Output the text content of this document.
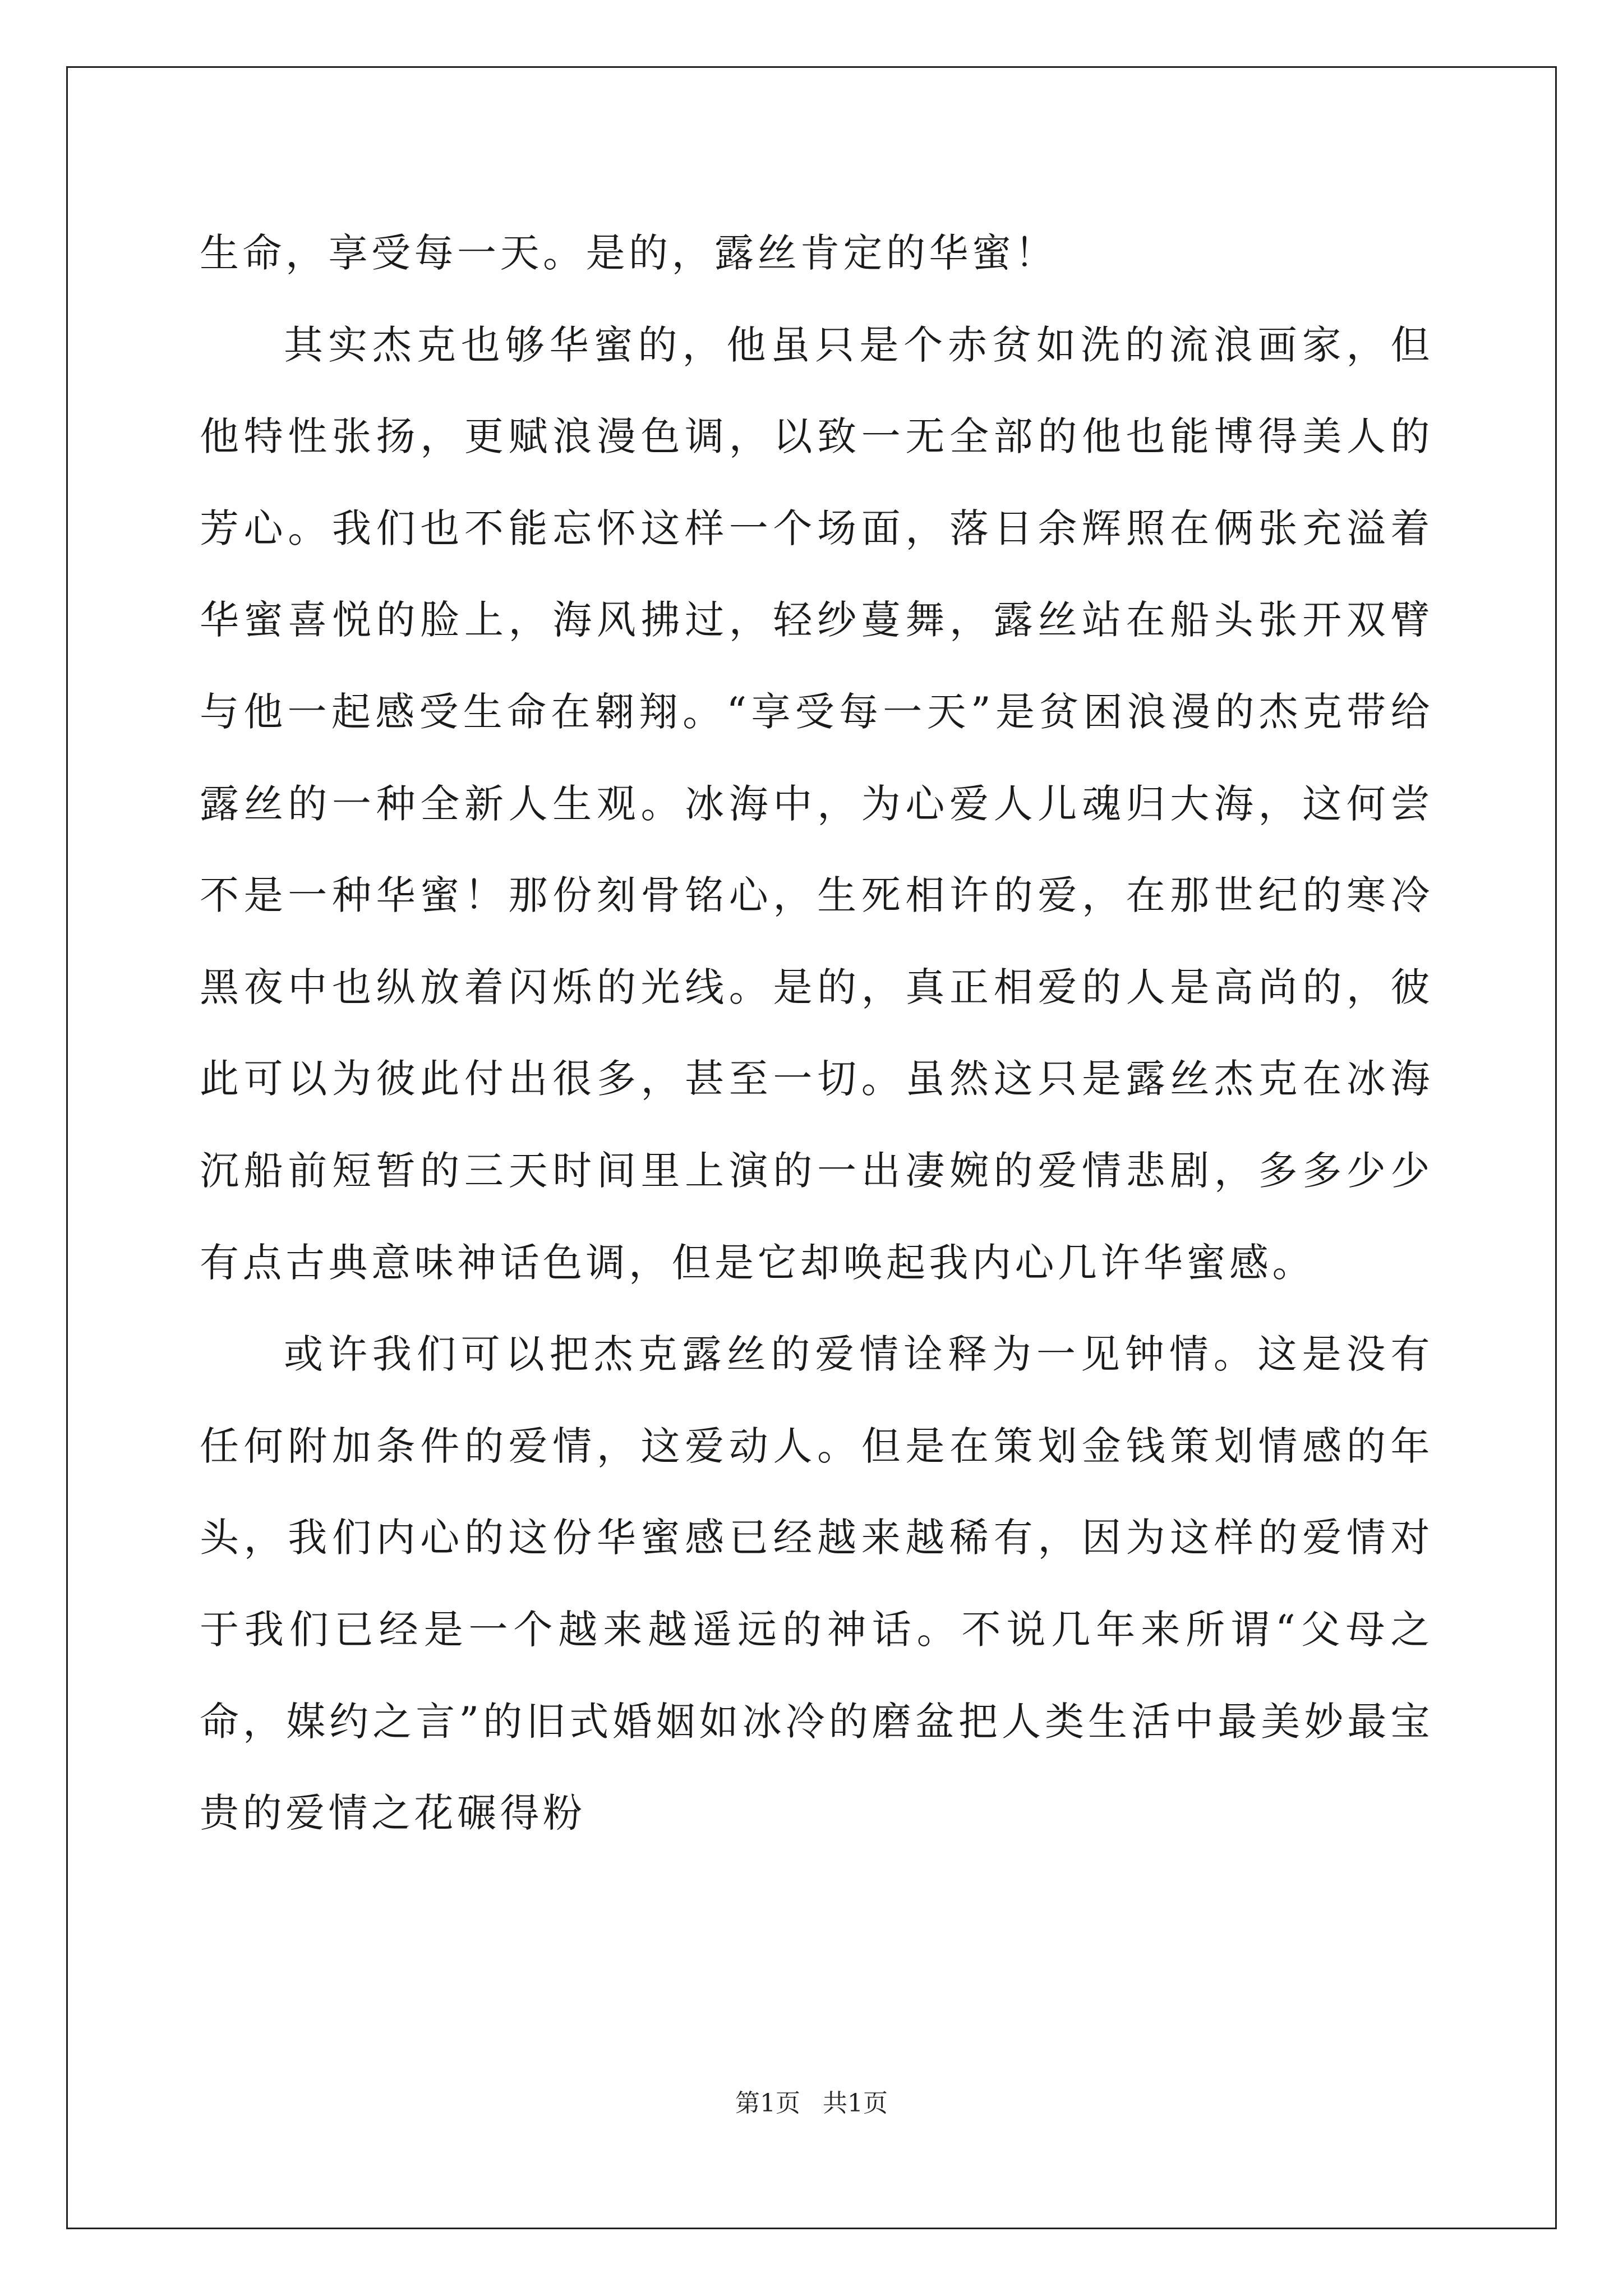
生命，享受每一天。是的，露丝肯定的华蜜！

其实杰克也够华蜜的，他虽只是个赤贫如洗的流浪画家，但他特性张扬，更赋浪漫色调，以致一无全部的他也能博得美人的芳心。我们也不能忘怀这样一个场面，落日余辉照在俩张充溢着华蜜喜悦的脸上，海风拂过，轻纱蔓舞，露丝站在船头张开双臂与他一起感受生命在翱翔。“享受每一天”是贫困浪漫的杰克带给露丝的一种全新人生观。冰海中，为心爱人儿魂归大海，这何尝不是一种华蜜！那份刻骨铭心，生死相许的爱，在那世纪的寒冷黑夜中也纵放着闪烁的光线。是的，真正相爱的人是高尚的，彼此可以为彼此付出很多，甚至一切。虽然这只是露丝杰克在冰海沉船前短暂的三天时间里上演的一出凄婉的爱情悲剧，多多少少有点古典意味神话色调，但是它却唤起我内心几许华蜜感。

或许我们可以把杰克露丝的爱情诠释为一见钟情。这是没有任何附加条件的爱情，这爱动人。但是在策划金钱策划情感的年头，我们内心的这份华蜜感已经越来越稀有，因为这样的爱情对于我们已经是一个越来越遥远的神话。不说几年来所谓“父母之命，媒约之言”的旧式婚姻如冰冷的磨盆把人类生活中最美妙最宝贵的爱情之花碾得粉

第1页 共1页
